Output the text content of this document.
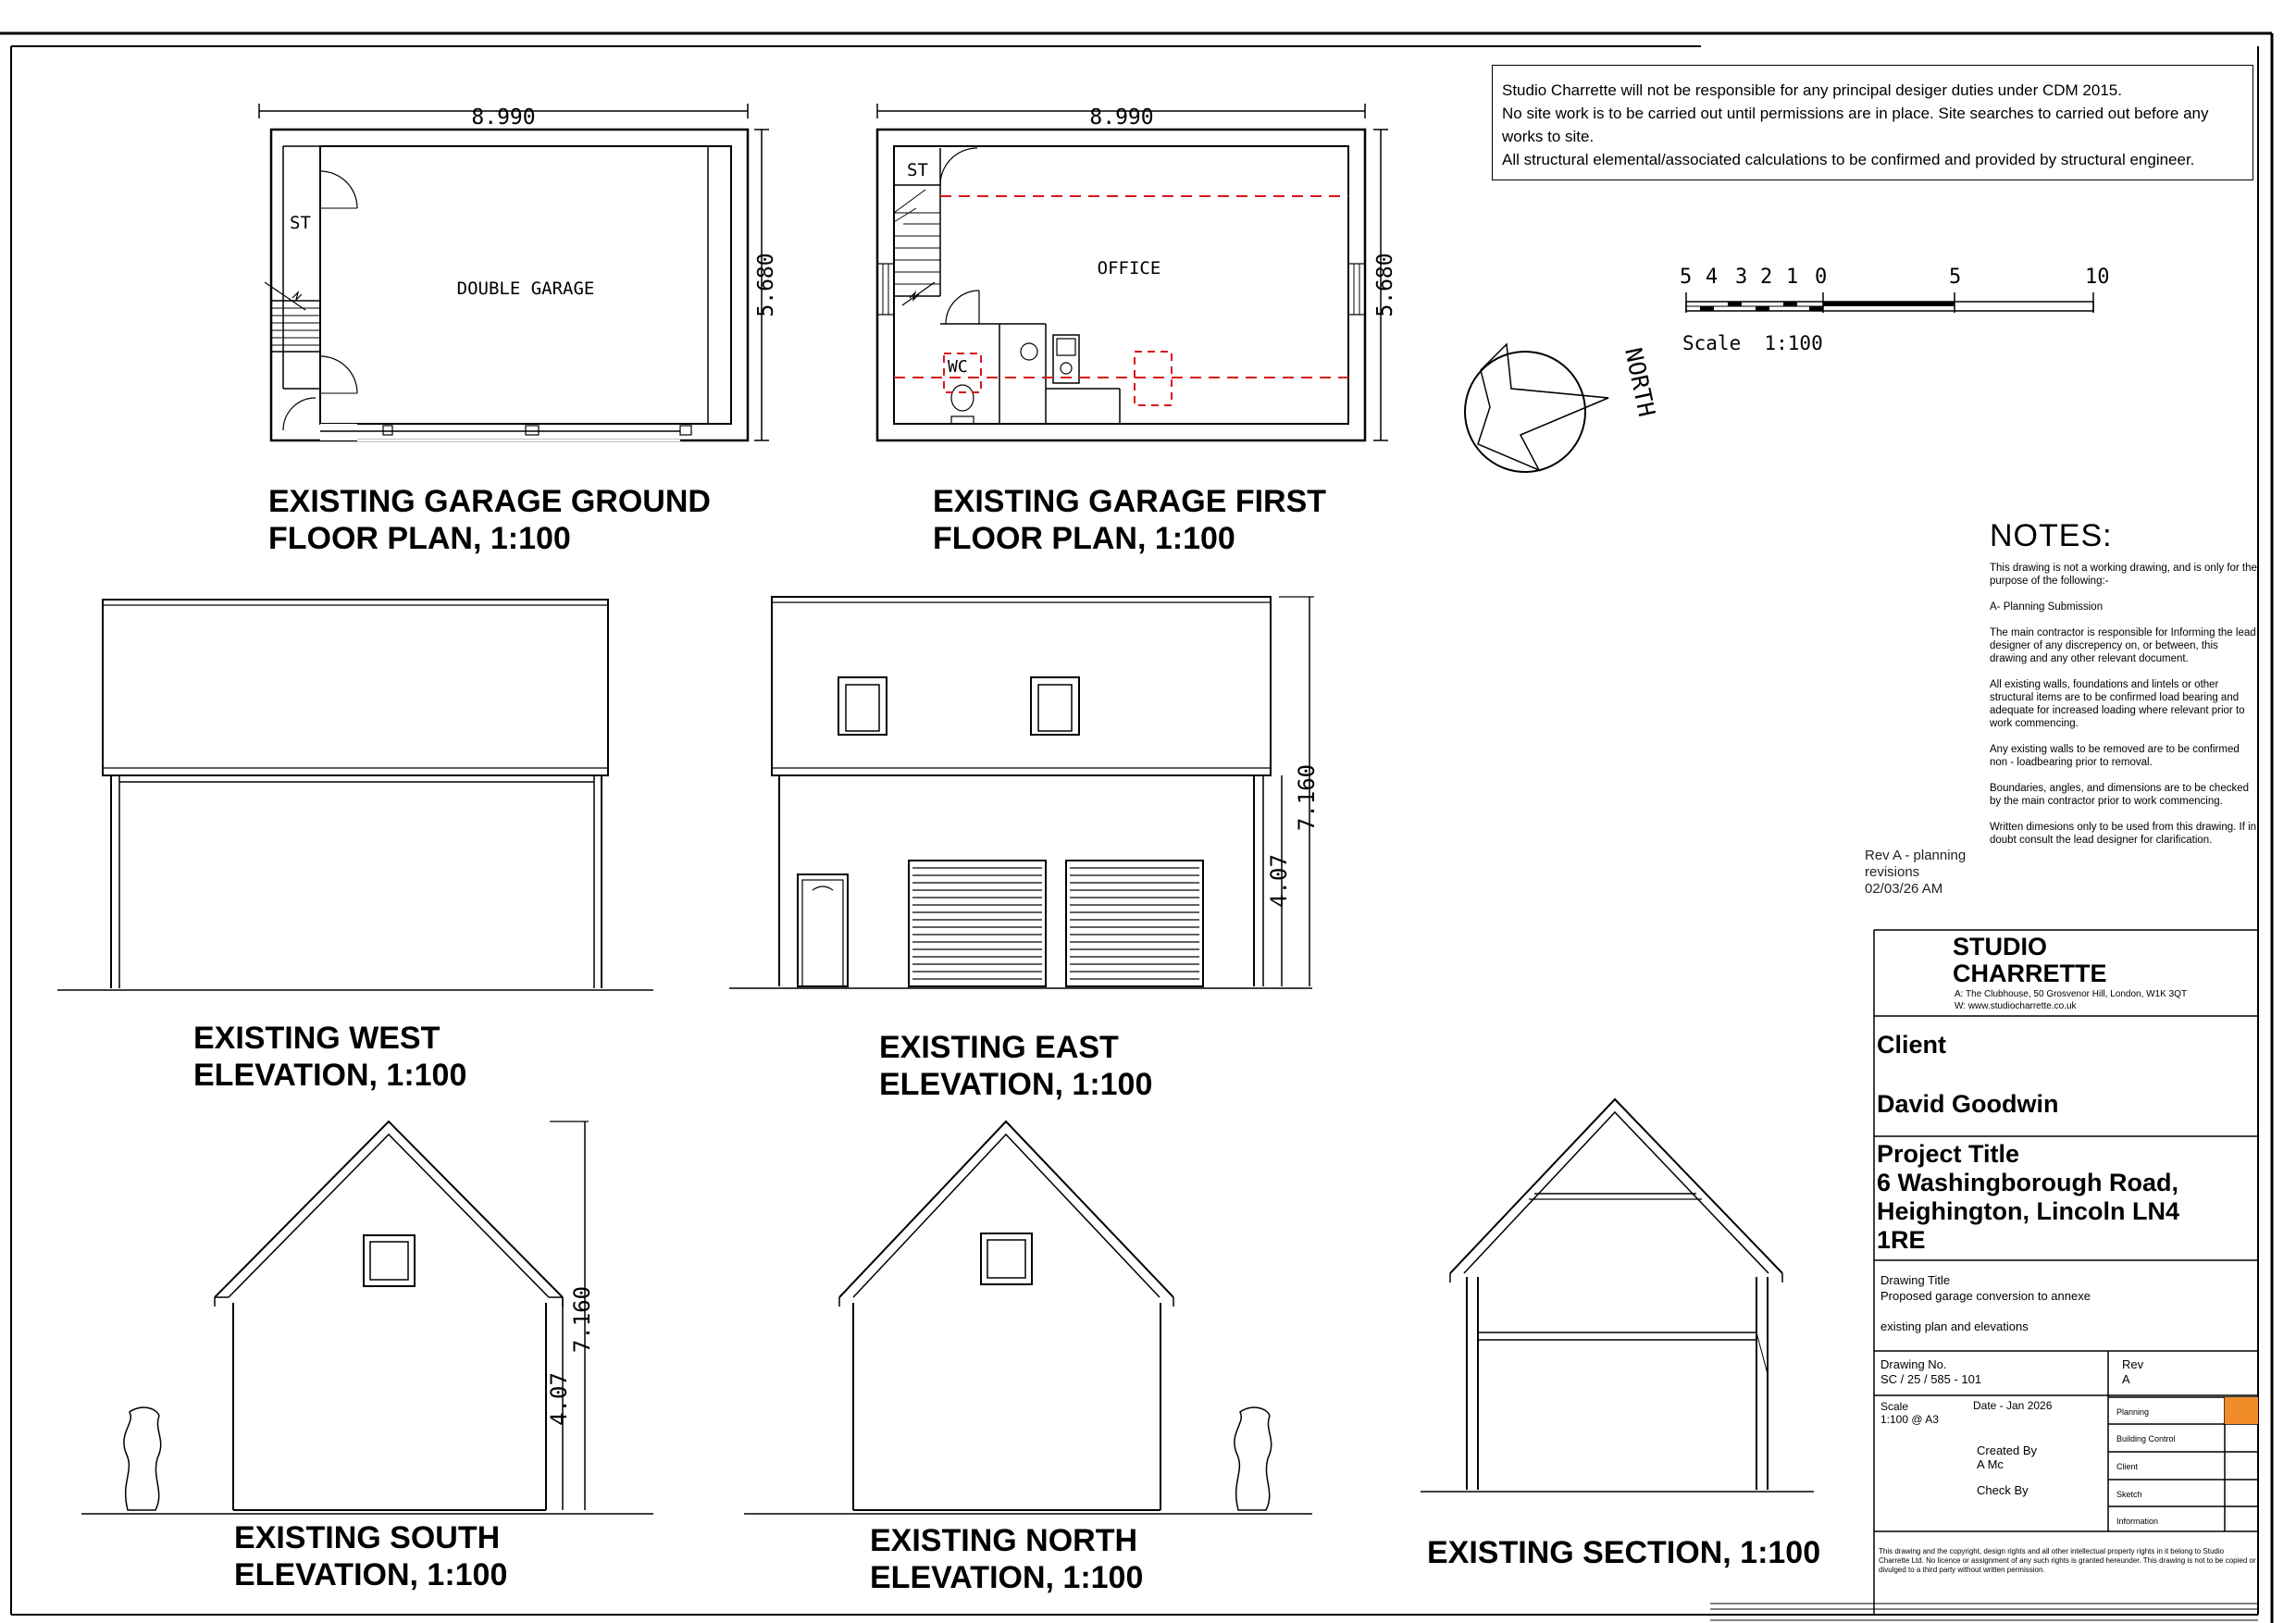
8.990
5.680
DOUBLE GARAGE
ST
8.990
5.680
OFFICE
ST
WC
5 4 3 2 1 0	5	10
Scale  1:100
NORTH
7.160
4.07
7.160
4.07
Studio Charrette will not be responsible for any principal desiger duties under CDM 2015.
No site work is to be carried out until permissions are in place. Site searches to carried out before any
works to site.
All structural elemental/associated calculations to be confirmed and provided by structural engineer.
EXISTING GARAGE GROUND
FLOOR PLAN, 1:100
EXISTING GARAGE FIRST
FLOOR PLAN, 1:100
EXISTING WEST
ELEVATION, 1:100
EXISTING EAST
ELEVATION, 1:100
EXISTING SOUTH
ELEVATION, 1:100
EXISTING NORTH
ELEVATION, 1:100
EXISTING SECTION, 1:100
NOTES:

This drawing is not a working drawing, and is only for the purpose of the following:-

A- Planning Submission

The main contractor is responsible for Informing the lead designer of any discrepency on, or between, this drawing and any other relevant document.

All existing walls, foundations and lintels or other structural items are to be confirmed load bearing and adequate for increased loading where relevant prior to work commencing.

Any existing walls to be removed are to be confirmed non - loadbearing prior to removal.

Boundaries, angles, and dimensions are to be checked by the main contractor prior to work commencing.

Written dimesions only to be used from this drawing. If in doubt consult the lead designer for clarification.

Rev A - planning
revisions
02/03/26 AM
STUDIO
CHARRETTE
A: The Clubhouse, 50 Grosvenor Hill, London, W1K 3QT
W: www.studiocharrette.co.uk
Client
David Goodwin
Project Title
6 Washingborough Road,
Heighington, Lincoln LN4
1RE
Drawing Title
Proposed garage conversion to annexe
existing plan and elevations
Drawing No.
SC / 25 / 585 - 101
Rev
A
Scale
1:100 @ A3
Date - Jan 2026
Created By
A Mc
Check By
Planning
Building Control
Client
Sketch
Information
This drawing and the copyright, design rights and all other intellectual property rights in it belong to Studio Charrette Ltd. No licence or assignment of any such rights is granted hereunder. This drawing is not to be copied or divulged to a third party without written permission.
